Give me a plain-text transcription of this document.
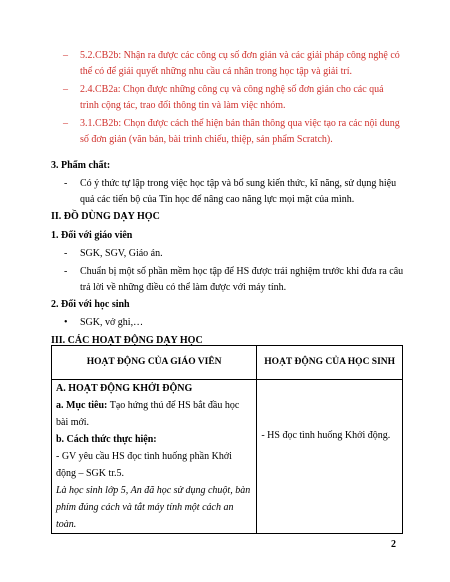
–	5.2.CB2b: Nhận ra được các công cụ số đơn giản và các giải pháp công nghệ có thể có để giải quyết những nhu cầu cá nhân trong học tập và giải trí.
–	2.4.CB2a: Chọn được những công cụ và công nghệ số đơn giản cho các quá trình cộng tác, trao đổi thông tin và làm việc nhóm.
–	3.1.CB2b: Chọn được cách thể hiện bản thân thông qua việc tạo ra các nội dung số đơn giản (văn bản, bài trình chiếu, thiệp, sản phẩm Scratch).
3. Phẩm chất:
-	Có ý thức tự lập trong việc học tập và bổ sung kiến thức, kĩ năng, sử dụng hiệu quả các tiến bộ của Tin học để nâng cao năng lực mọi mặt của mình.
II. ĐỒ DÙNG DẠY HỌC
1. Đối với giáo viên
-	SGK, SGV, Giáo án.
-	Chuẩn bị một số phần mềm học tập để HS được trải nghiệm trước khi đưa ra câu trả lời về những điều có thể làm được với máy tính.
2. Đối với học sinh
•	SGK, vở ghi,…
III. CÁC HOẠT ĐỘNG DẠY HỌC
HOẠT ĐỘNG CỦA GIÁO VIÊN	HOẠT ĐỘNG CỦA HỌC SINH

A. HOẠT ĐỘNG KHỞI ĐỘNG
a. Mục tiêu: Tạo hứng thú để HS bắt đầu học bài mới.
b. Cách thức thực hiện:
- GV yêu cầu HS đọc tình huống phần Khởi động – SGK tr.5.
Là học sinh lớp 5, An đã học sử dụng chuột, bàn phím đúng cách và tắt máy tính một cách an toàn.	- HS đọc tình huống Khởi động.
2
